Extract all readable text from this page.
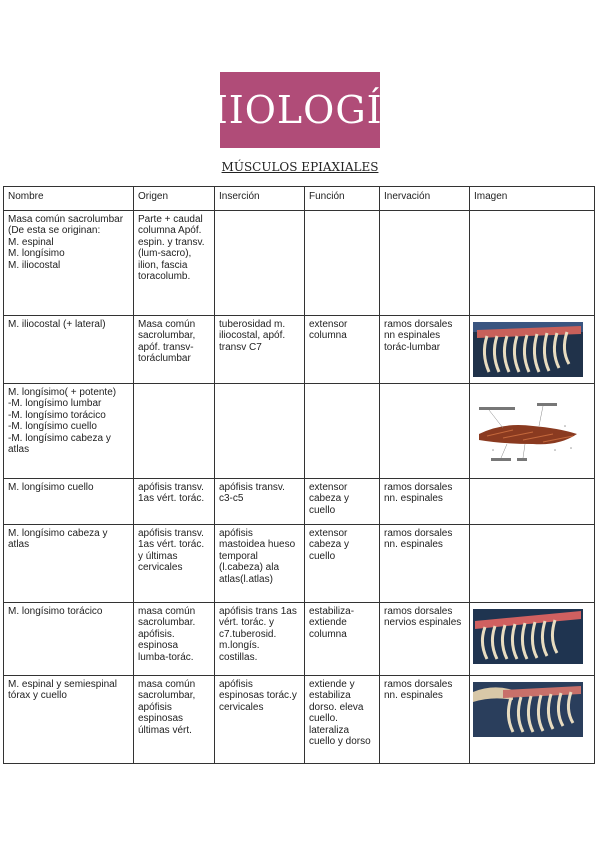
MIOLOGÍA
MÚSCULOS EPIAXIALES
Nombre	Origen	Inserción	Función	Inervación	Imagen
Masa común sacrolumbar
(De esta se originan:
M. espinal
M. longísimo
M. iliocostal	Parte + caudal columna Apóf. espin. y transv.(lum-sacro), ilion, fascia toracolumb.				
M. iliocostal (+ lateral)	Masa común sacrolumbar, apóf. transv-toráclumbar	tuberosidad m. iliocostal, apóf. transv C7	extensor columna	ramos dorsales nn espinales torác-lumbar	
M. longísimo( + potente)
-M. longísimo lumbar
-M. longísimo torácico
-M. longísimo cuello
-M. longísimo cabeza y atlas					
M. longísimo cuello	apófisis transv. 1as vért. torác.	apófisis transv. c3-c5	extensor cabeza y cuello	ramos dorsales nn. espinales	
M. longísimo cabeza y atlas	apófisis transv. 1as vért. torác. y últimas cervicales	apófisis mastoidea hueso temporal (l.cabeza) ala atlas(l.atlas)	extensor cabeza y cuello	ramos dorsales nn. espinales	
M. longísimo torácico	masa común sacrolumbar. apófisis. espinosa lumba-torác.	apófisis trans 1as vért. torác. y c7.tuberosid. m.longís. costillas.	estabiliza-extiende columna	ramos dorsales nervios espinales	
M. espinal y semiespinal tórax y cuello	masa común sacrolumbar, apófisis espinosas últimas vért.	apófisis espinosas torác.y cervicales	extiende y estabiliza dorso. eleva cuello. lateraliza cuello y dorso	ramos dorsales nn. espinales	
